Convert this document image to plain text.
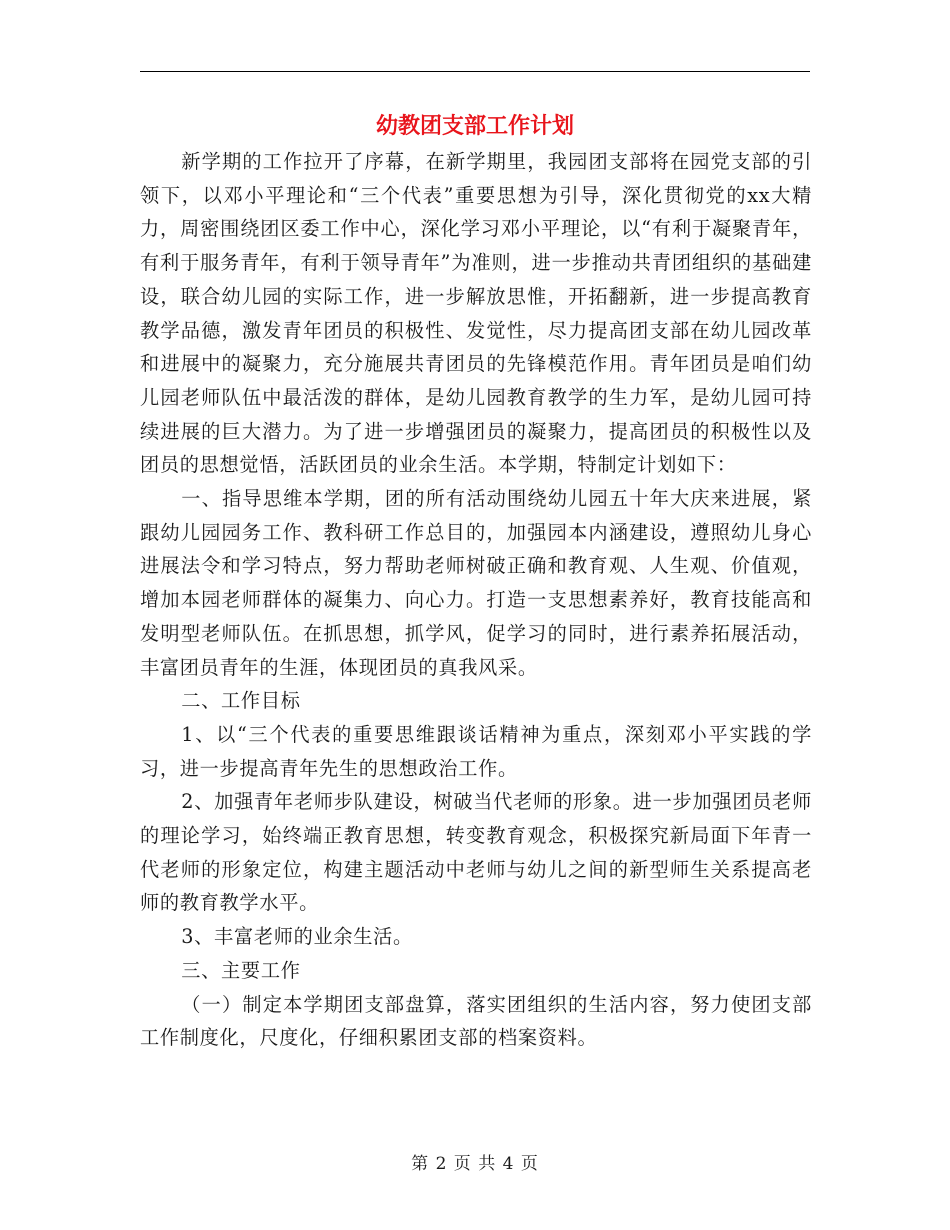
幼教团支部工作计划

新学期的工作拉开了序幕，在新学期里，我园团支部将在园党支部的引领下，以邓小平理论和“三个代表”重要思想为引导，深化贯彻党的xx大精力，周密围绕团区委工作中心，深化学习邓小平理论，以“有利于凝聚青年，有利于服务青年，有利于领导青年”为准则，进一步推动共青团组织的基础建设，联合幼儿园的实际工作，进一步解放思惟，开拓翻新，进一步提高教育教学品德，激发青年团员的积极性、发觉性，尽力提高团支部在幼儿园改革和进展中的凝聚力，充分施展共青团员的先锋模范作用。青年团员是咱们幼儿园老师队伍中最活泼的群体，是幼儿园教育教学的生力军，是幼儿园可持续进展的巨大潜力。为了进一步增强团员的凝聚力，提高团员的积极性以及团员的思想觉悟，活跃团员的业余生活。本学期，特制定计划如下：

一、指导思维本学期，团的所有活动围绕幼儿园五十年大庆来进展，紧跟幼儿园园务工作、教科研工作总目的，加强园本内涵建设，遵照幼儿身心进展法令和学习特点，努力帮助老师树破正确和教育观、人生观、价值观，增加本园老师群体的凝集力、向心力。打造一支思想素养好，教育技能高和发明型老师队伍。在抓思想，抓学风，促学习的同时，进行素养拓展活动，丰富团员青年的生涯，体现团员的真我风采。

二、工作目标

1、以“三个代表的重要思维跟谈话精神为重点，深刻邓小平实践的学习，进一步提高青年先生的思想政治工作。

2、加强青年老师步队建设，树破当代老师的形象。进一步加强团员老师的理论学习，始终端正教育思想，转变教育观念，积极探究新局面下年青一代老师的形象定位，构建主题活动中老师与幼儿之间的新型师生关系提高老师的教育教学水平。

3、丰富老师的业余生活。

三、主要工作

（一）制定本学期团支部盘算，落实团组织的生活内容，努力使团支部工作制度化，尺度化，仔细积累团支部的档案资料。

第 2 页 共 4 页
